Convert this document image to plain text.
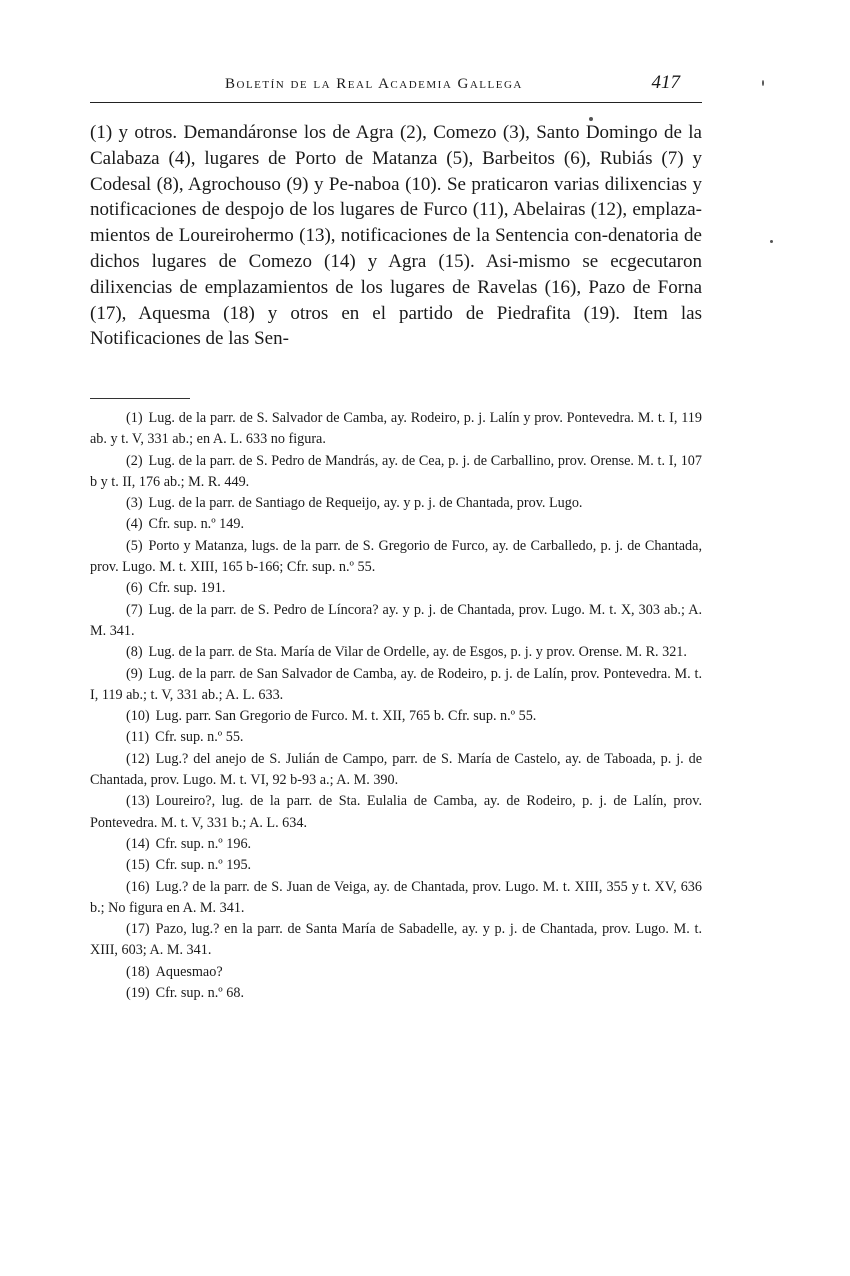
Boletín de la Real Academia Gallega	417

(1) y otros. Demandáronse los de Agra (2), Comezo (3), Santo Domingo de la Calabaza (4), lugares de Porto de Matanza (5), Barbeitos (6), Rubiás (7) y Codesal (8), Agrochouso (9) y Pe-naboa (10). Se praticaron varias dilixencias y notificaciones de despojo de los lugares de Furco (11), Abelairas (12), emplaza-mientos de Loureirohermo (13), notificaciones de la Sentencia con-denatoria de dichos lugares de Comezo (14) y Agra (15). Asi-mismo se ecgecutaron dilixencias de emplazamientos de los lugares de Ravelas (16), Pazo de Forna (17), Aquesma (18) y otros en el partido de Piedrafita (19). Item las Notificaciones de las Sen-

(1) Lug. de la parr. de S. Salvador de Camba, ay. Rodeiro, p. j. Lalín y prov. Pontevedra. M. t. I, 119 ab. y t. V, 331 ab.; en A. L. 633 no figura.

(2) Lug. de la parr. de S. Pedro de Mandrás, ay. de Cea, p. j. de Carballino, prov. Orense. M. t. I, 107 b y t. II, 176 ab.; M. R. 449.

(3) Lug. de la parr. de Santiago de Requeijo, ay. y p. j. de Chantada, prov. Lugo.

(4) Cfr. sup. n.º 149.

(5) Porto y Matanza, lugs. de la parr. de S. Gregorio de Furco, ay. de Carballedo, p. j. de Chantada, prov. Lugo. M. t. XIII, 165 b-166; Cfr. sup. n.º 55.

(6) Cfr. sup. 191.

(7) Lug. de la parr. de S. Pedro de Líncora? ay. y p. j. de Chantada, prov. Lugo. M. t. X, 303 ab.; A. M. 341.

(8) Lug. de la parr. de Sta. María de Vilar de Ordelle, ay. de Esgos, p. j. y prov. Orense. M. R. 321.

(9) Lug. de la parr. de San Salvador de Camba, ay. de Rodeiro, p. j. de Lalín, prov. Pontevedra. M. t. I, 119 ab.; t. V, 331 ab.; A. L. 633.

(10) Lug. parr. San Gregorio de Furco. M. t. XII, 765 b. Cfr. sup. n.º 55.

(11) Cfr. sup. n.º 55.

(12) Lug.? del anejo de S. Julián de Campo, parr. de S. María de Castelo, ay. de Taboada, p. j. de Chantada, prov. Lugo. M. t. VI, 92 b-93 a.; A. M. 390.

(13) Loureiro?, lug. de la parr. de Sta. Eulalia de Camba, ay. de Rodeiro, p. j. de Lalín, prov. Pontevedra. M. t. V, 331 b.; A. L. 634.

(14) Cfr. sup. n.º 196.

(15) Cfr. sup. n.º 195.

(16) Lug.? de la parr. de S. Juan de Veiga, ay. de Chantada, prov. Lugo. M. t. XIII, 355 y t. XV, 636 b.; No figura en A. M. 341.

(17) Pazo, lug.? en la parr. de Santa María de Sabadelle, ay. y p. j. de Chantada, prov. Lugo. M. t. XIII, 603; A. M. 341.

(18) Aquesmao?

(19) Cfr. sup. n.º 68.
